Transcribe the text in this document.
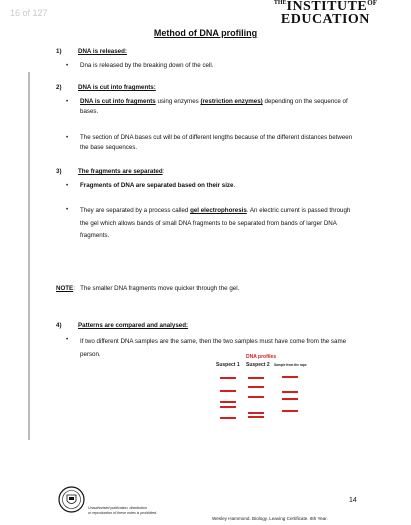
16 of 127
$^{THE}INSTITUTE^{OF}$
EDUCATION
Method of DNA profiling
1)	DNA is released:
•	Dna is released by the breaking down of the cell.
2)	DNA is cut into fragments:
•	DNA is cut into fragments using enzymes (restriction enzymes) depending on the sequence of bases.
•	The section of DNA bases cut will be of different lengths because of the different distances between the base sequences.
3)	The fragments are separated:
•	Fragments of DNA are separated based on their size.
•	They are separated by a process called gel electrophoresis. An electric current is passed through the gel which allows bands of small DNA fragments to be separated from bands of larger DNA fragments.
NOTE:   The smaller DNA fragments move quicker through the gel.
4)	Patterns are compared and analysed:
•	If two different DNA samples are the same, then the two samples must have come from the same person.	DNA profiles
Suspect 1 Suspect 2 Sample from the rape
Unauthorised publication, distribution
or reproduction of these notes is prohibited.
14
Wesley Hammond. Biology. Leaving Certificate. 6th Year.
